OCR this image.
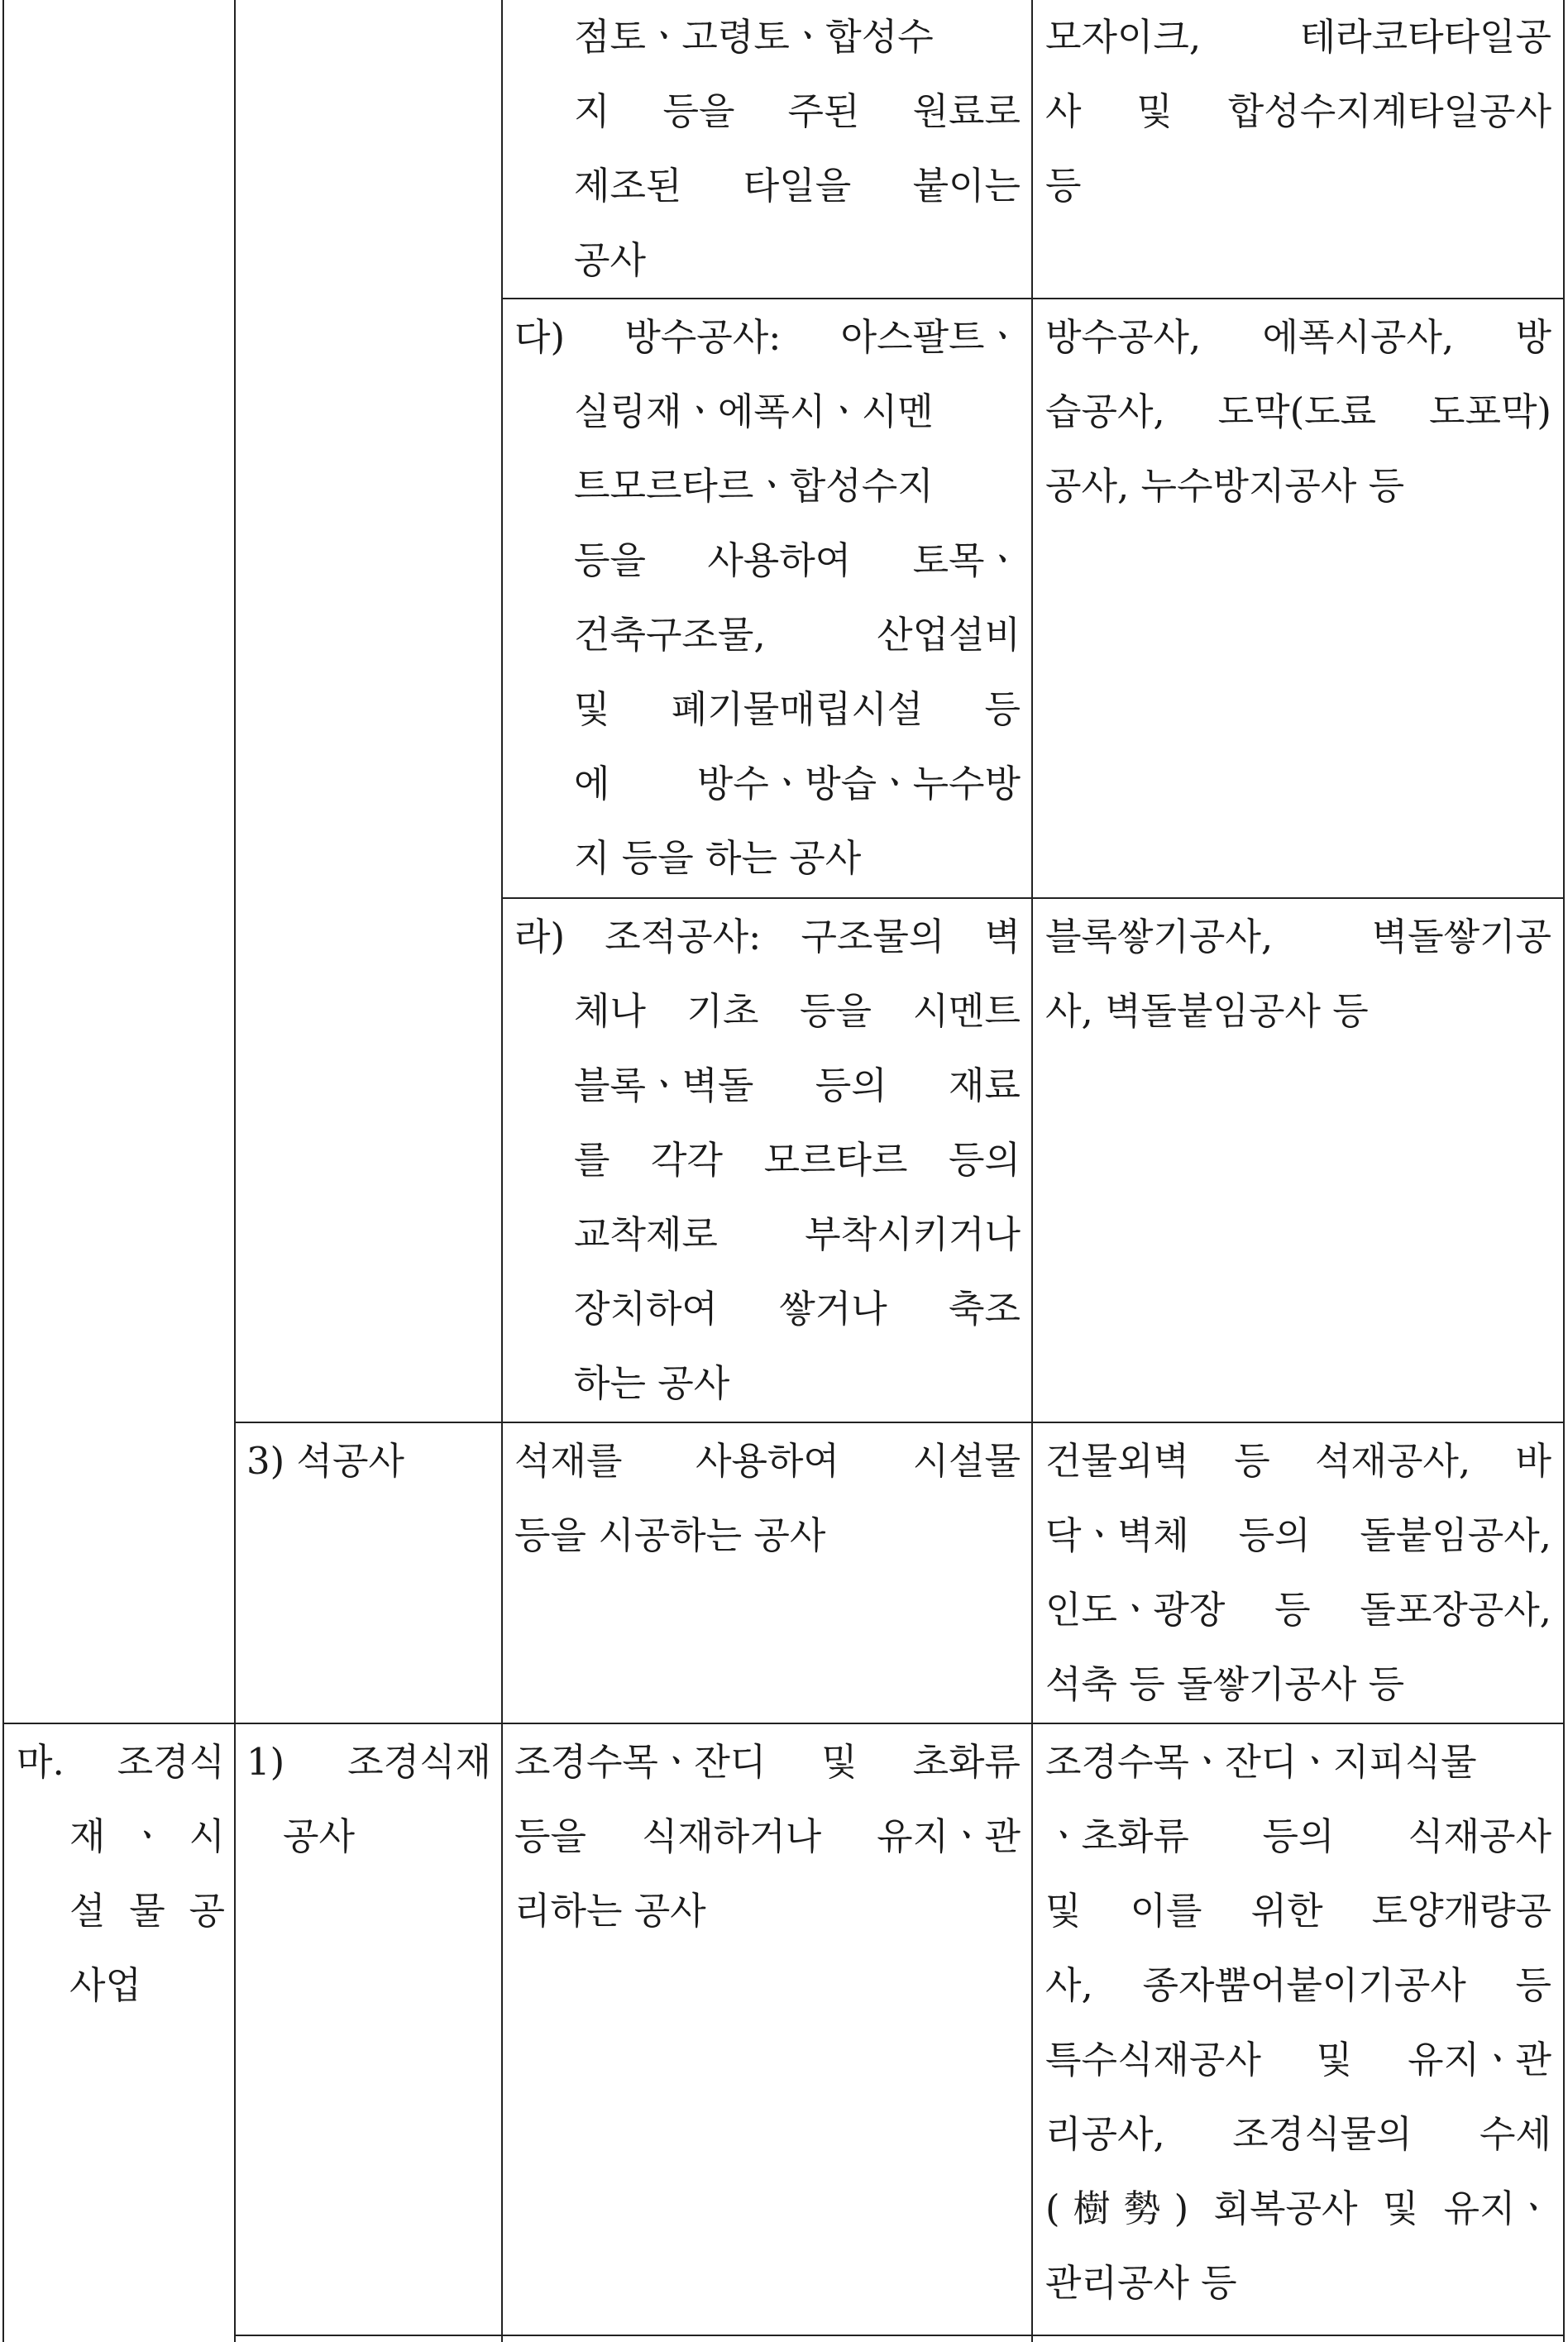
점토ㆍ고령토ㆍ합성수
지 등을 주된 원료로
제조된 타일을 붙이는
공사
모자이크, 테라코타타일공
사 및 합성수지계타일공사
등
다) 방수공사: 아스팔트ㆍ
실링재ㆍ에폭시ㆍ시멘
트모르타르ㆍ합성수지
등을 사용하여 토목ㆍ
건축구조물, 산업설비
및 폐기물매립시설 등
에 방수ㆍ방습ㆍ누수방
지 등을 하는 공사
방수공사, 에폭시공사, 방
습공사, 도막(도료 도포막)
공사, 누수방지공사 등
라) 조적공사: 구조물의 벽
체나 기초 등을 시멘트
블록ㆍ벽돌 등의 재료
를 각각 모르타르 등의
교착제로 부착시키거나
장치하여 쌓거나 축조
하는 공사
블록쌓기공사, 벽돌쌓기공
사, 벽돌붙임공사 등
3) 석공사	석재를 사용하여 시설물
등을 시공하는 공사
건물외벽 등 석재공사, 바
닥ㆍ벽체 등의 돌붙임공사,
인도ㆍ광장 등 돌포장공사,
석축 등 돌쌓기공사 등
마. 조경식
재 ㆍ 시
설 물 공
사업
1) 조경식재
공사
조경수목ㆍ잔디 및 초화류
등을 식재하거나 유지ㆍ관
리하는 공사
조경수목ㆍ잔디ㆍ지피식물
ㆍ초화류 등의 식재공사
및 이를 위한 토양개량공
사, 종자뿜어붙이기공사 등
특수식재공사 및 유지ㆍ관
리공사, 조경식물의 수세
(樹勢) 회복공사 및 유지ㆍ
관리공사 등
